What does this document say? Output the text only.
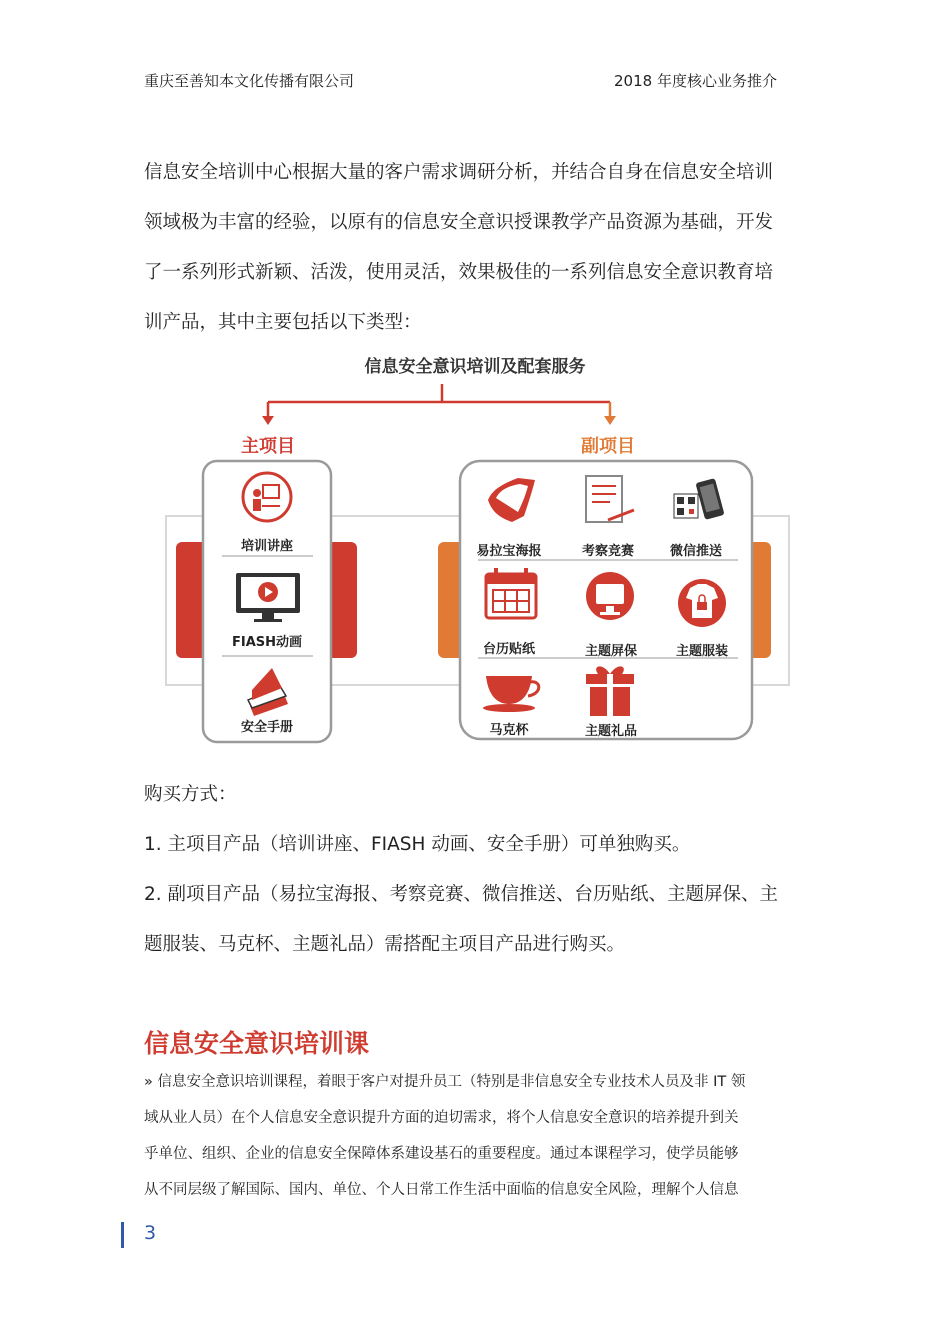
重庆至善知本文化传播有限公司	2018 年度核心业务推介

信息安全培训中心根据大量的客户需求调研分析，并结合自身在信息安全培训

领域极为丰富的经验，以原有的信息安全意识授课教学产品资源为基础，开发

了一系列形式新颖、活泼，使用灵活，效果极佳的一系列信息安全意识教育培

训产品，其中主要包括以下类型：

信息安全意识培训及配套服务
主项目	副项目
培训讲座
FIASH动画
安全手册
易拉宝海报	考察竞赛	微信推送
台历贴纸	主题屏保	主题服装
马克杯	主题礼品

购买方式：

1. 主项目产品（培训讲座、FIASH 动画、安全手册）可单独购买。

2. 副项目产品（易拉宝海报、考察竞赛、微信推送、台历贴纸、主题屏保、主

题服装、马克杯、主题礼品）需搭配主项目产品进行购买。

信息安全意识培训课

» 信息安全意识培训课程，着眼于客户对提升员工（特别是非信息安全专业技术人员及非 IT 领

域从业人员）在个人信息安全意识提升方面的迫切需求，将个人信息安全意识的培养提升到关

乎单位、组织、企业的信息安全保障体系建设基石的重要程度。通过本课程学习，使学员能够

从不同层级了解国际、国内、单位、个人日常工作生活中面临的信息安全风险，理解个人信息

3
